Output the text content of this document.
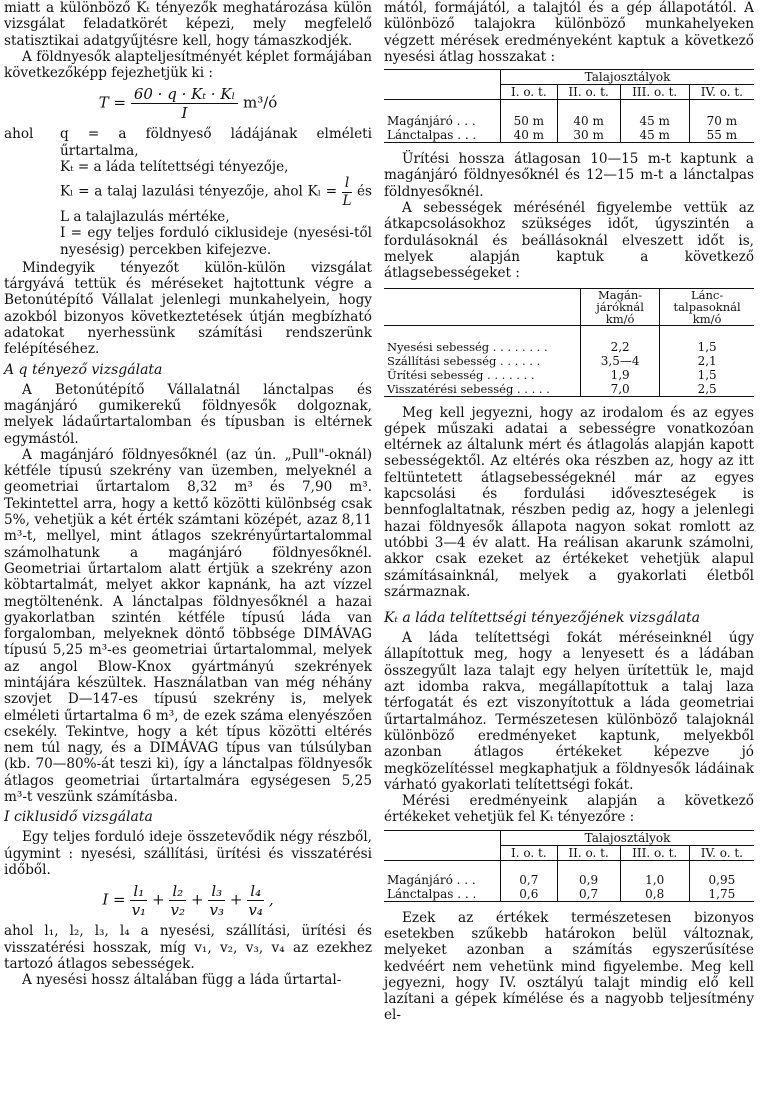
miatt a különböző Kₜ tényezők meghatározása külön vizsgálat feladatkörét képezi, mely megfelelő statisztikai adatgyűjtésre kell, hogy támaszkodjék.

A földnyesők alapteljesítményét képlet formájában következőképp fejezhetjük ki :

$T = \frac{\text{60 · q · Kₜ · Kₗ}}{I}$ m³/ó
ahol	q = a földnyeső ládájának elméleti űrtartalma,
Kₜ = a láda telítettségi tényezője,
Kₗ = a talaj lazulási tényezője, ahol $K_l = \frac{l}{L}$ és L a talajlazulás mértéke,
I = egy teljes forduló ciklusideje (nyesési-től nyesésig) percekben kifejezve.

Mindegyik tényezőt külön-külön vizsgálat tárgyává tettük és méréseket hajtottunk végre a Betonútépítő Vállalat jelenlegi munkahelyein, hogy azokból bizonyos következtetések útján megbízható adatokat nyerhessünk számítási rendszerünk felépítéséhez.

A q tényező vizsgálata

A Betonútépítő Vállalatnál lánctalpas és magánjáró gumikerekű földnyesők dolgoznak, melyek ládaűrtartalomban és típusban is eltérnek egymástól.

A magánjáró földnyesőknél (az ún. „Pull"-oknál) kétféle típusú szekrény van üzemben, melyeknél a geometriai űrtartalom 8,32 m³ és 7,90 m³. Tekintettel arra, hogy a kettő közötti különbség csak 5%, vehetjük a két érték számtani középét, azaz 8,11 m³-t, mellyel, mint átlagos szekrényűrtartalommal számolhatunk a magánjáró földnyesőknél. Geometriai űrtartalom alatt értjük a szekrény azon köbtartalmát, melyet akkor kapnánk, ha azt vízzel megtöltenénk. A lánctalpas földnyesőknél a hazai gyakorlatban szintén kétféle típusú láda van forgalomban, melyeknek döntő többsége DIMÁVAG típusú 5,25 m³-es geometriai űrtartalommal, melyek az angol Blow-Knox gyártmányú szekrények mintájára készültek. Használatban van még néhány szovjet D—147-es típusú szekrény is, melyek elméleti űrtartalma 6 m³, de ezek száma elenyészően csekély. Tekintve, hogy a két típus közötti eltérés nem túl nagy, és a DIMÁVAG típus van túlsúlyban (kb. 70—80%-át teszi ki), így a lánctalpas földnyesők átlagos geometriai űrtartalmára egységesen 5,25 m³-t veszünk számításba.

I ciklusidő vizsgálata

Egy teljes forduló ideje összetevődik négy részből, úgymint : nyesési, szállítási, ürítési és visszatérési időből.

$I = \frac{\text{l₁}}{\text{v₁}} + \frac{\text{l₂}}{\text{v₂}} + \frac{\text{l₃}}{\text{v₃}} + \frac{\text{l₄}}{\text{v₄}}$ ,

ahol l₁, l₂, l₃, l₄ a nyesési, szállítási, ürítési és visszatérési hosszak, míg v₁, v₂, v₃, v₄ az ezekhez tartozó átlagos sebességek.

A nyesési hossz általában függ a láda űrtartal-

mától, formájától, a talajtól és a gép állapotától. A különböző talajokra különböző munkahelyeken végzett mérések eredményeként kaptuk a következő nyesési átlag hosszakat :

	Talajosztályok			
	I. o. t.	II. o. t.	III. o. t.	IV. o. t.

Magánjáró . . .	50 m	40 m	45 m	70 m
Lánctalpas . . .	40 m	30 m	45 m	55 m

Ürítési hossza átlagosan 10—15 m-t kaptunk a magánjáró földnyesőknél és 12—15 m-t a lánctalpas földnyesőknél.

A sebességek mérésénél figyelembe vettük az átkapcsolásokhoz szükséges időt, úgyszintén a fordulásoknál és beállásoknál elveszett időt is, melyek alapján kaptuk a következő átlagsebességeket :

	Magán-járóknál km/ó	Lánc-talpasoknál km/ó

Nyesési sebesség . . . . . . . .	2,2	1,5
Szállítási sebesség . . . . . .	3,5—4	2,1
Ürítési sebesség . . . . . . .	1,9	1,5
Visszatérési sebesség . . . . .	7,0	2,5

Meg kell jegyezni, hogy az irodalom és az egyes gépek műszaki adatai a sebességre vonatkozóan eltérnek az általunk mért és átlagolás alapján kapott sebességektől. Az eltérés oka részben az, hogy az itt feltüntetett átlagsebességeknél már az egyes kapcsolási és fordulási időveszteségek is bennfoglaltatnak, részben pedig az, hogy a jelenlegi hazai földnyesők állapota nagyon sokat romlott az utóbbi 3—4 év alatt. Ha reálisan akarunk számolni, akkor csak ezeket az értékeket vehetjük alapul számításainknál, melyek a gyakorlati életből származnak.

Kₜ a láda telítettségi tényezőjének vizsgálata

A láda telítettségi fokát méréseinknél úgy állapítottuk meg, hogy a lenyesett és a ládában összegyűlt laza talajt egy helyen ürítettük le, majd azt idomba rakva, megállapítottuk a talaj laza térfogatát és ezt viszonyítottuk a láda geometriai űrtartalmához. Természetesen különböző talajoknál különböző eredményeket kaptunk, melyekből azonban átlagos értékeket képezve jó megközelítéssel megkaphatjuk a földnyesők ládáinak várható gyakorlati telítettségi fokát.

Mérési eredményeink alapján a következő értékeket vehetjük fel Kₜ tényezőre :

	Talajosztályok			
	I. o. t.	II. o. t.	III. o. t.	IV. o. t.

Magánjáró . . .	0,7	0,9	1,0	0,95
Lánctalpas . . .	0,6	0,7	0,8	1,75

Ezek az értékek természetesen bizonyos esetekben szűkebb határokon belül változnak, melyeket azonban a számítás egyszerűsítése kedvéért nem vehetünk mind figyelembe. Meg kell jegyezni, hogy IV. osztályú talajt mindig elő kell lazítani a gépek kímélése és a nagyobb teljesítmény el-
